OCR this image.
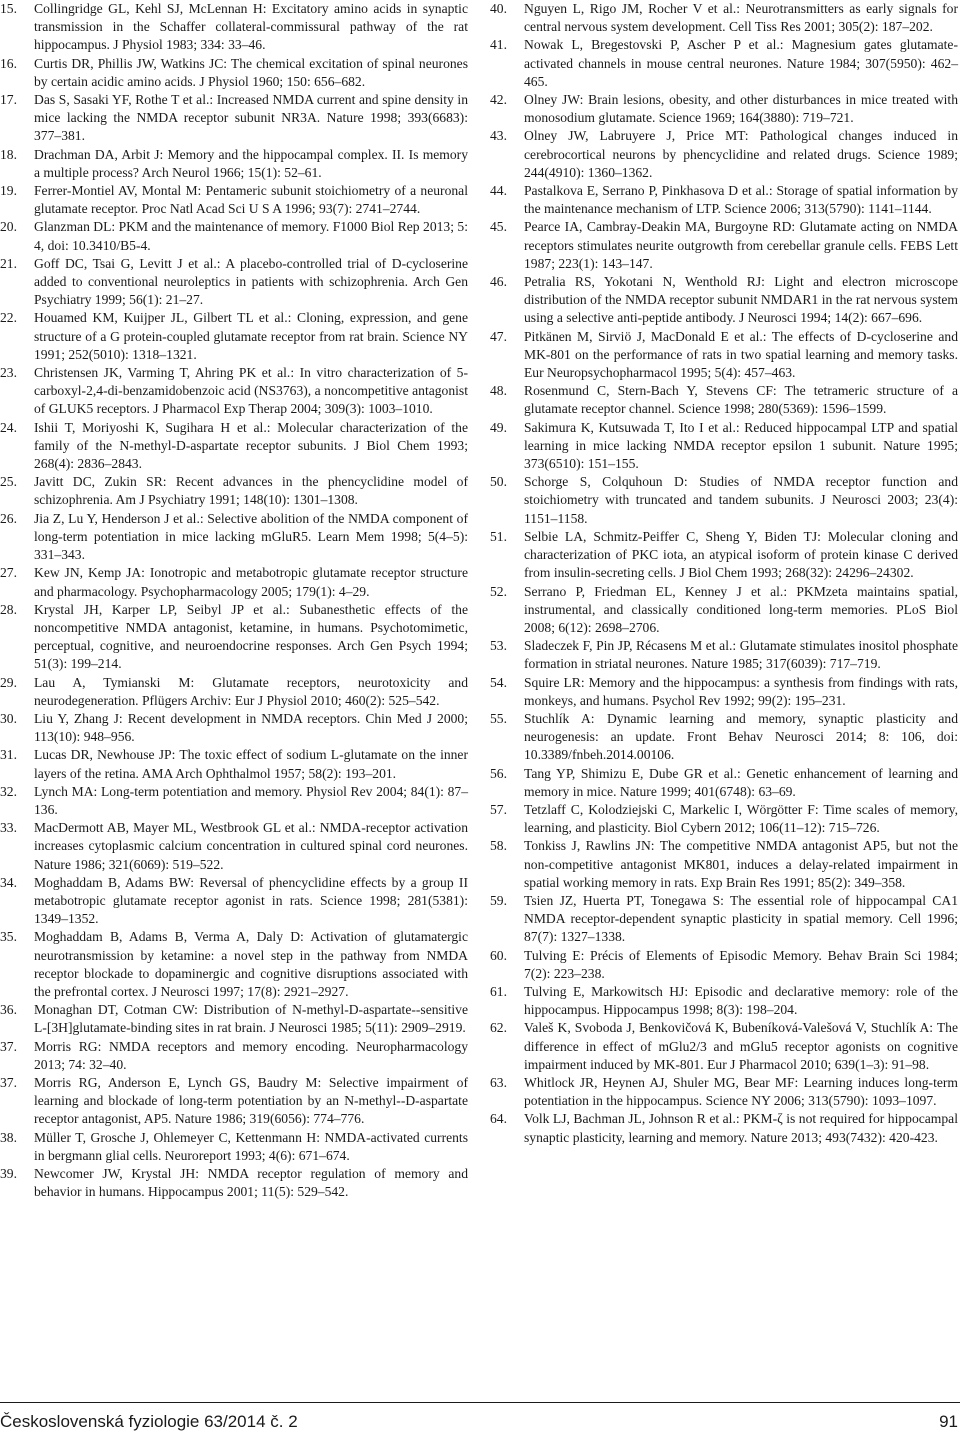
15. Collingridge GL, Kehl SJ, McLennan H: Excitatory amino acids in synaptic transmission in the Schaffer collateral-commissural pathway of the rat hippocampus. J Physiol 1983; 334: 33–46.
16. Curtis DR, Phillis JW, Watkins JC: The chemical excitation of spinal neurones by certain acidic amino acids. J Physiol 1960; 150: 656–682.
17. Das S, Sasaki YF, Rothe T et al.: Increased NMDA current and spine density in mice lacking the NMDA receptor subunit NR3A. Nature 1998; 393(6683): 377–381.
18. Drachman DA, Arbit J: Memory and the hippocampal complex. II. Is memory a multiple process? Arch Neurol 1966; 15(1): 52–61.
19. Ferrer-Montiel AV, Montal M: Pentameric subunit stoichiometry of a neuronal glutamate receptor. Proc Natl Acad Sci U S A 1996; 93(7): 2741–2744.
20. Glanzman DL: PKM and the maintenance of memory. F1000 Biol Rep 2013; 5: 4, doi: 10.3410/B5-4.
21. Goff DC, Tsai G, Levitt J et al.: A placebo-controlled trial of D-cycloserine added to conventional neuroleptics in patients with schizophrenia. Arch Gen Psychiatry 1999; 56(1): 21–27.
22. Houamed KM, Kuijper JL, Gilbert TL et al.: Cloning, expression, and gene structure of a G protein-coupled glutamate receptor from rat brain. Science NY 1991; 252(5010): 1318–1321.
23. Christensen JK, Varming T, Ahring PK et al.: In vitro characterization of 5-carboxyl-2,4-di-benzamidobenzoic acid (NS3763), a noncompetitive antagonist of GLUK5 receptors. J Pharmacol Exp Therap 2004; 309(3): 1003–1010.
24. Ishii T, Moriyoshi K, Sugihara H et al.: Molecular characterization of the family of the N-methyl-D-aspartate receptor subunits. J Biol Chem 1993; 268(4): 2836–2843.
25. Javitt DC, Zukin SR: Recent advances in the phencyclidine model of schizophrenia. Am J Psychiatry 1991; 148(10): 1301–1308.
26. Jia Z, Lu Y, Henderson J et al.: Selective abolition of the NMDA component of long-term potentiation in mice lacking mGluR5. Learn Mem 1998; 5(4–5): 331–343.
27. Kew JN, Kemp JA: Ionotropic and metabotropic glutamate receptor structure and pharmacology. Psychopharmacology 2005; 179(1): 4–29.
28. Krystal JH, Karper LP, Seibyl JP et al.: Subanesthetic effects of the noncompetitive NMDA antagonist, ketamine, in humans. Psychotomimetic, perceptual, cognitive, and neuroendocrine responses. Arch Gen Psych 1994; 51(3): 199–214.
29. Lau A, Tymianski M: Glutamate receptors, neurotoxicity and neurodegeneration. Pflügers Archiv: Eur J Physiol 2010; 460(2): 525–542.
30. Liu Y, Zhang J: Recent development in NMDA receptors. Chin Med J 2000; 113(10): 948–956.
31. Lucas DR, Newhouse JP: The toxic effect of sodium L-glutamate on the inner layers of the retina. AMA Arch Ophthalmol 1957; 58(2): 193–201.
32. Lynch MA: Long-term potentiation and memory. Physiol Rev 2004; 84(1): 87–136.
33. MacDermott AB, Mayer ML, Westbrook GL et al.: NMDA-receptor activation increases cytoplasmic calcium concentration in cultured spinal cord neurones. Nature 1986; 321(6069): 519–522.
34. Moghaddam B, Adams BW: Reversal of phencyclidine effects by a group II metabotropic glutamate receptor agonist in rats. Science 1998; 281(5381): 1349–1352.
35. Moghaddam B, Adams B, Verma A, Daly D: Activation of glutamatergic neurotransmission by ketamine: a novel step in the pathway from NMDA receptor blockade to dopaminergic and cognitive disruptions associated with the prefrontal cortex. J Neurosci 1997; 17(8): 2921–2927.
36. Monaghan DT, Cotman CW: Distribution of N-methyl-D-aspartate--sensitive L-[3H]glutamate-binding sites in rat brain. J Neurosci 1985; 5(11): 2909–2919.
37. Morris RG: NMDA receptors and memory encoding. Neuropharmacology 2013; 74: 32–40.
37. Morris RG, Anderson E, Lynch GS, Baudry M: Selective impairment of learning and blockade of long-term potentiation by an N-methyl--D-aspartate receptor antagonist, AP5. Nature 1986; 319(6056): 774–776.
38. Müller T, Grosche J, Ohlemeyer C, Kettenmann H: NMDA-activated currents in bergmann glial cells. Neuroreport 1993; 4(6): 671–674.
39. Newcomer JW, Krystal JH: NMDA receptor regulation of memory and behavior in humans. Hippocampus 2001; 11(5): 529–542.
40. Nguyen L, Rigo JM, Rocher V et al.: Neurotransmitters as early signals for central nervous system development. Cell Tiss Res 2001; 305(2): 187–202.
41. Nowak L, Bregestovski P, Ascher P et al.: Magnesium gates glutamate-activated channels in mouse central neurones. Nature 1984; 307(5950): 462–465.
42. Olney JW: Brain lesions, obesity, and other disturbances in mice treated with monosodium glutamate. Science 1969; 164(3880): 719–721.
43. Olney JW, Labruyere J, Price MT: Pathological changes induced in cerebrocortical neurons by phencyclidine and related drugs. Science 1989; 244(4910): 1360–1362.
44. Pastalkova E, Serrano P, Pinkhasova D et al.: Storage of spatial information by the maintenance mechanism of LTP. Science 2006; 313(5790): 1141–1144.
45. Pearce IA, Cambray-Deakin MA, Burgoyne RD: Glutamate acting on NMDA receptors stimulates neurite outgrowth from cerebellar granule cells. FEBS Lett 1987; 223(1): 143–147.
46. Petralia RS, Yokotani N, Wenthold RJ: Light and electron microscope distribution of the NMDA receptor subunit NMDAR1 in the rat nervous system using a selective anti-peptide antibody. J Neurosci 1994; 14(2): 667–696.
47. Pitkänen M, Sirviö J, MacDonald E et al.: The effects of D-cycloserine and MK-801 on the performance of rats in two spatial learning and memory tasks. Eur Neuropsychopharmacol 1995; 5(4): 457–463.
48. Rosenmund C, Stern-Bach Y, Stevens CF: The tetrameric structure of a glutamate receptor channel. Science 1998; 280(5369): 1596–1599.
49. Sakimura K, Kutsuwada T, Ito I et al.: Reduced hippocampal LTP and spatial learning in mice lacking NMDA receptor epsilon 1 subunit. Nature 1995; 373(6510): 151–155.
50. Schorge S, Colquhoun D: Studies of NMDA receptor function and stoichiometry with truncated and tandem subunits. J Neurosci 2003; 23(4): 1151–1158.
51. Selbie LA, Schmitz-Peiffer C, Sheng Y, Biden TJ: Molecular cloning and characterization of PKC iota, an atypical isoform of protein kinase C derived from insulin-secreting cells. J Biol Chem 1993; 268(32): 24296–24302.
52. Serrano P, Friedman EL, Kenney J et al.: PKMzeta maintains spatial, instrumental, and classically conditioned long-term memories. PLoS Biol 2008; 6(12): 2698–2706.
53. Sladeczek F, Pin JP, Récasens M et al.: Glutamate stimulates inositol phosphate formation in striatal neurones. Nature 1985; 317(6039): 717–719.
54. Squire LR: Memory and the hippocampus: a synthesis from findings with rats, monkeys, and humans. Psychol Rev 1992; 99(2): 195–231.
55. Stuchlík A: Dynamic learning and memory, synaptic plasticity and neurogenesis: an update. Front Behav Neurosci 2014; 8: 106, doi: 10.3389/fnbeh.2014.00106.
56. Tang YP, Shimizu E, Dube GR et al.: Genetic enhancement of learning and memory in mice. Nature 1999; 401(6748): 63–69.
57. Tetzlaff C, Kolodziejski C, Markelic I, Wörgötter F: Time scales of memory, learning, and plasticity. Biol Cybern 2012; 106(11–12): 715–726.
58. Tonkiss J, Rawlins JN: The competitive NMDA antagonist AP5, but not the non-competitive antagonist MK801, induces a delay-related impairment in spatial working memory in rats. Exp Brain Res 1991; 85(2): 349–358.
59. Tsien JZ, Huerta PT, Tonegawa S: The essential role of hippocampal CA1 NMDA receptor-dependent synaptic plasticity in spatial memory. Cell 1996; 87(7): 1327–1338.
60. Tulving E: Précis of Elements of Episodic Memory. Behav Brain Sci 1984; 7(2): 223–238.
61. Tulving E, Markowitsch HJ: Episodic and declarative memory: role of the hippocampus. Hippocampus 1998; 8(3): 198–204.
62. Valeš K, Svoboda J, Benkovičová K, Bubeníková-Valešová V, Stuchlík A: The difference in effect of mGlu2/3 and mGlu5 receptor agonists on cognitive impairment induced by MK-801. Eur J Pharmacol 2010; 639(1–3): 91–98.
63. Whitlock JR, Heynen AJ, Shuler MG, Bear MF: Learning induces long-term potentiation in the hippocampus. Science NY 2006; 313(5790): 1093–1097.
64. Volk LJ, Bachman JL, Johnson R et al.: PKM-ζ is not required for hippocampal synaptic plasticity, learning and memory. Nature 2013; 493(7432): 420-423.
Československá fyziologie 63/2014 č. 2	91
